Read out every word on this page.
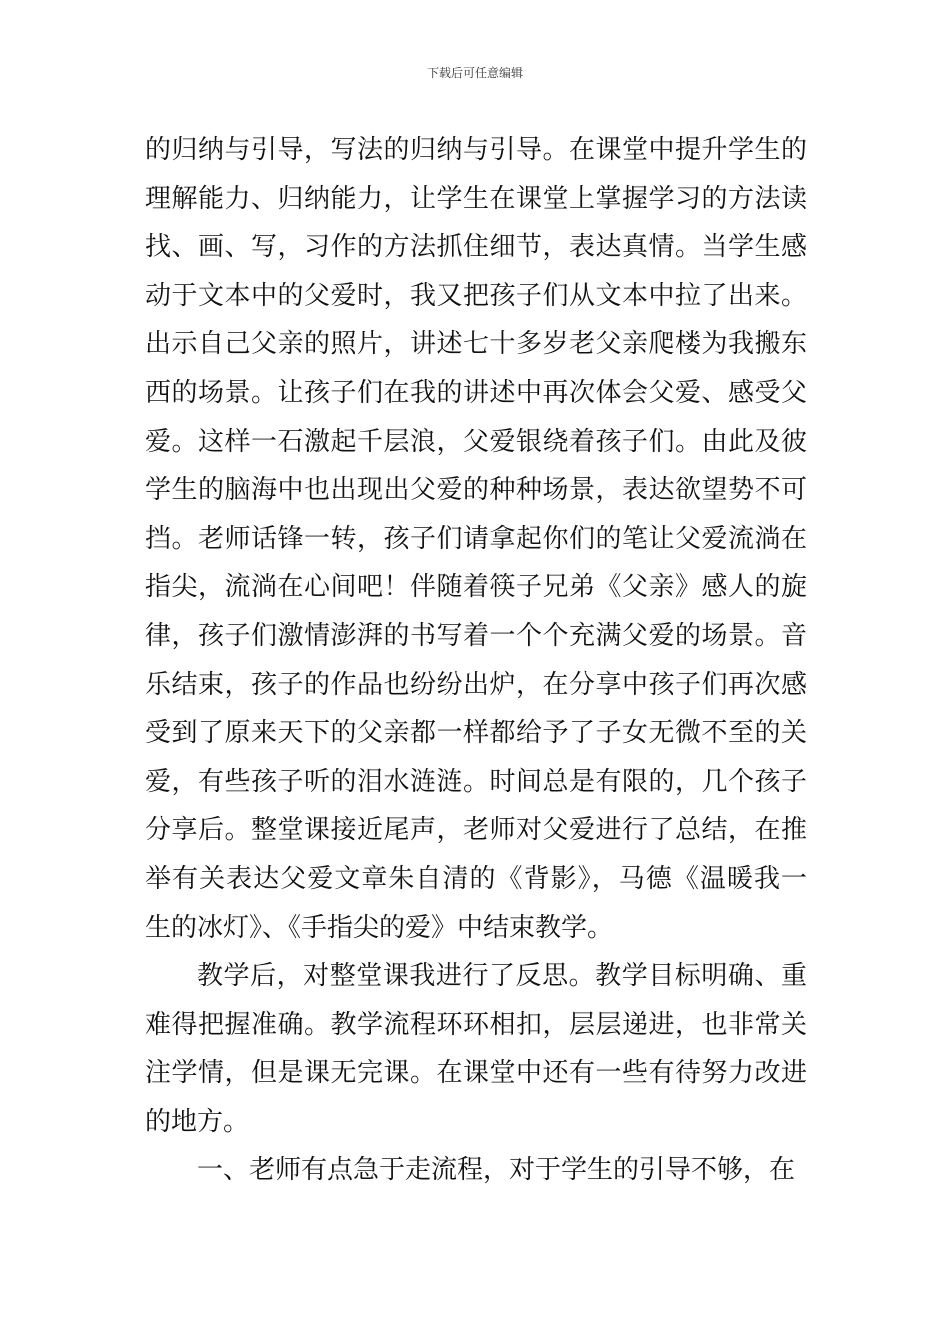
下载后可任意编辑

的归纳与引导，写法的归纳与引导。在课堂中提升学生的理解能力、归纳能力，让学生在课堂上掌握学习的方法读找、画、写，习作的方法抓住细节，表达真情。当学生感动于文本中的父爱时，我又把孩子们从文本中拉了出来。出示自己父亲的照片，讲述七十多岁老父亲爬楼为我搬东西的场景。让孩子们在我的讲述中再次体会父爱、感受父爱。这样一石激起千层浪，父爱银绕着孩子们。由此及彼学生的脑海中也出现出父爱的种种场景，表达欲望势不可挡。老师话锋一转，孩子们请拿起你们的笔让父爱流淌在指尖，流淌在心间吧！伴随着筷子兄弟《父亲》感人的旋律，孩子们激情澎湃的书写着一个个充满父爱的场景。音乐结束，孩子的作品也纷纷出炉，在分享中孩子们再次感受到了原来天下的父亲都一样都给予了子女无微不至的关爱，有些孩子听的泪水涟涟。时间总是有限的，几个孩子分享后。整堂课接近尾声，老师对父爱进行了总结，在推举有关表达父爱文章朱自清的《背影》，马德《温暖我一生的冰灯》、《手指尖的爱》中结束教学。

教学后，对整堂课我进行了反思。教学目标明确、重难得把握准确。教学流程环环相扣，层层递进，也非常关注学情，但是课无完课。在课堂中还有一些有待努力改进的地方。

一、老师有点急于走流程，对于学生的引导不够，在
